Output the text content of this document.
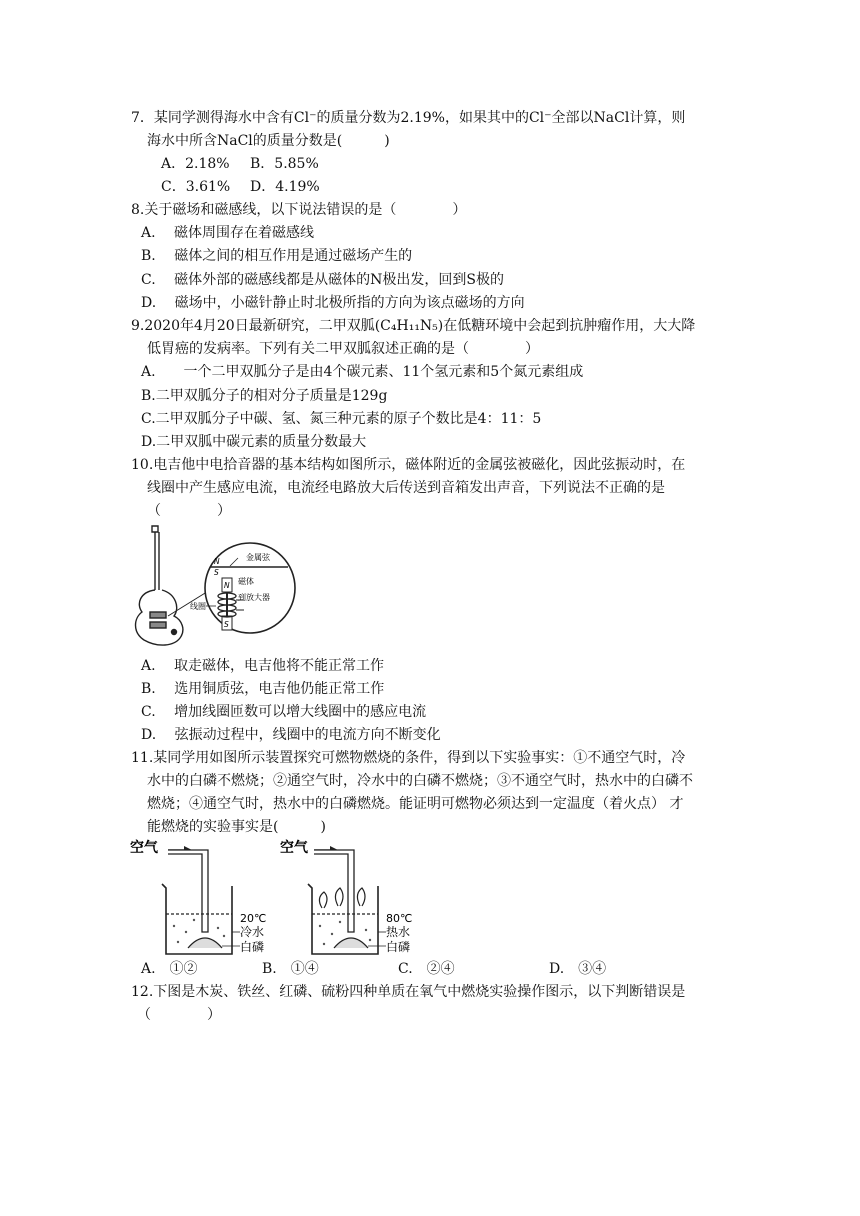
7．某同学测得海水中含有Cl⁻的质量分数为2.19%，如果其中的Cl⁻全部以NaCl计算，则
海水中所含NaCl的质量分数是(　　　)
A．2.18% B．5.85%
C．3.61% D．4.19%
8.关于磁场和磁感线，以下说法错误的是（　　　　）
A.　 磁体周围存在着磁感线
B.　 磁体之间的相互作用是通过磁场产生的
C.　 磁体外部的磁感线都是从磁体的N极出发，回到S极的
D.　 磁场中，小磁针静止时北极所指的方向为该点磁场的方向
9.2020年4月20日最新研究，二甲双胍(C₄H₁₁N₅)在低糖环境中会起到抗肿瘤作用，大大降
低胃癌的发病率。下列有关二甲双胍叙述正确的是（　　　　）
A.　　一个二甲双胍分子是由4个碳元素、11个氢元素和5个氮元素组成
B.二甲双胍分子的相对分子质量是129g
C.二甲双胍分子中碳、氢、氮三种元素的原子个数比是4：11：5
D.二甲双胍中碳元素的质量分数最大
10.电吉他中电拾音器的基本结构如图所示，磁体附近的金属弦被磁化，因此弦振动时，在
线圈中产生感应电流，电流经电路放大后传送到音箱发出声音，下列说法不正确的是
（　　　　）
N
S
金属弦
N
S
磁体
到放大器
线圈
A.　 取走磁体，电吉他将不能正常工作
B.　 选用铜质弦，电吉他仍能正常工作
C.　 增加线圈匝数可以增大线圈中的感应电流
D.　 弦振动过程中，线圈中的电流方向不断变化
11.某同学用如图所示装置探究可燃物燃烧的条件，得到以下实验事实：①不通空气时，冷
水中的白磷不燃烧；②通空气时，冷水中的白磷不燃烧；③不通空气时，热水中的白磷不
燃烧；④通空气时，热水中的白磷燃烧。能证明可燃物必须达到一定温度（着火点） 才
能燃烧的实验事实是(　　　)
空气
20℃
冷水
白磷
空气
80℃
热水
白磷
A.　①②	B.　①④	C.　②④	D.　③④
12.下图是木炭、铁丝、红磷、硫粉四种单质在氧气中燃烧实验操作图示，以下判断错误是
（　　　　）
